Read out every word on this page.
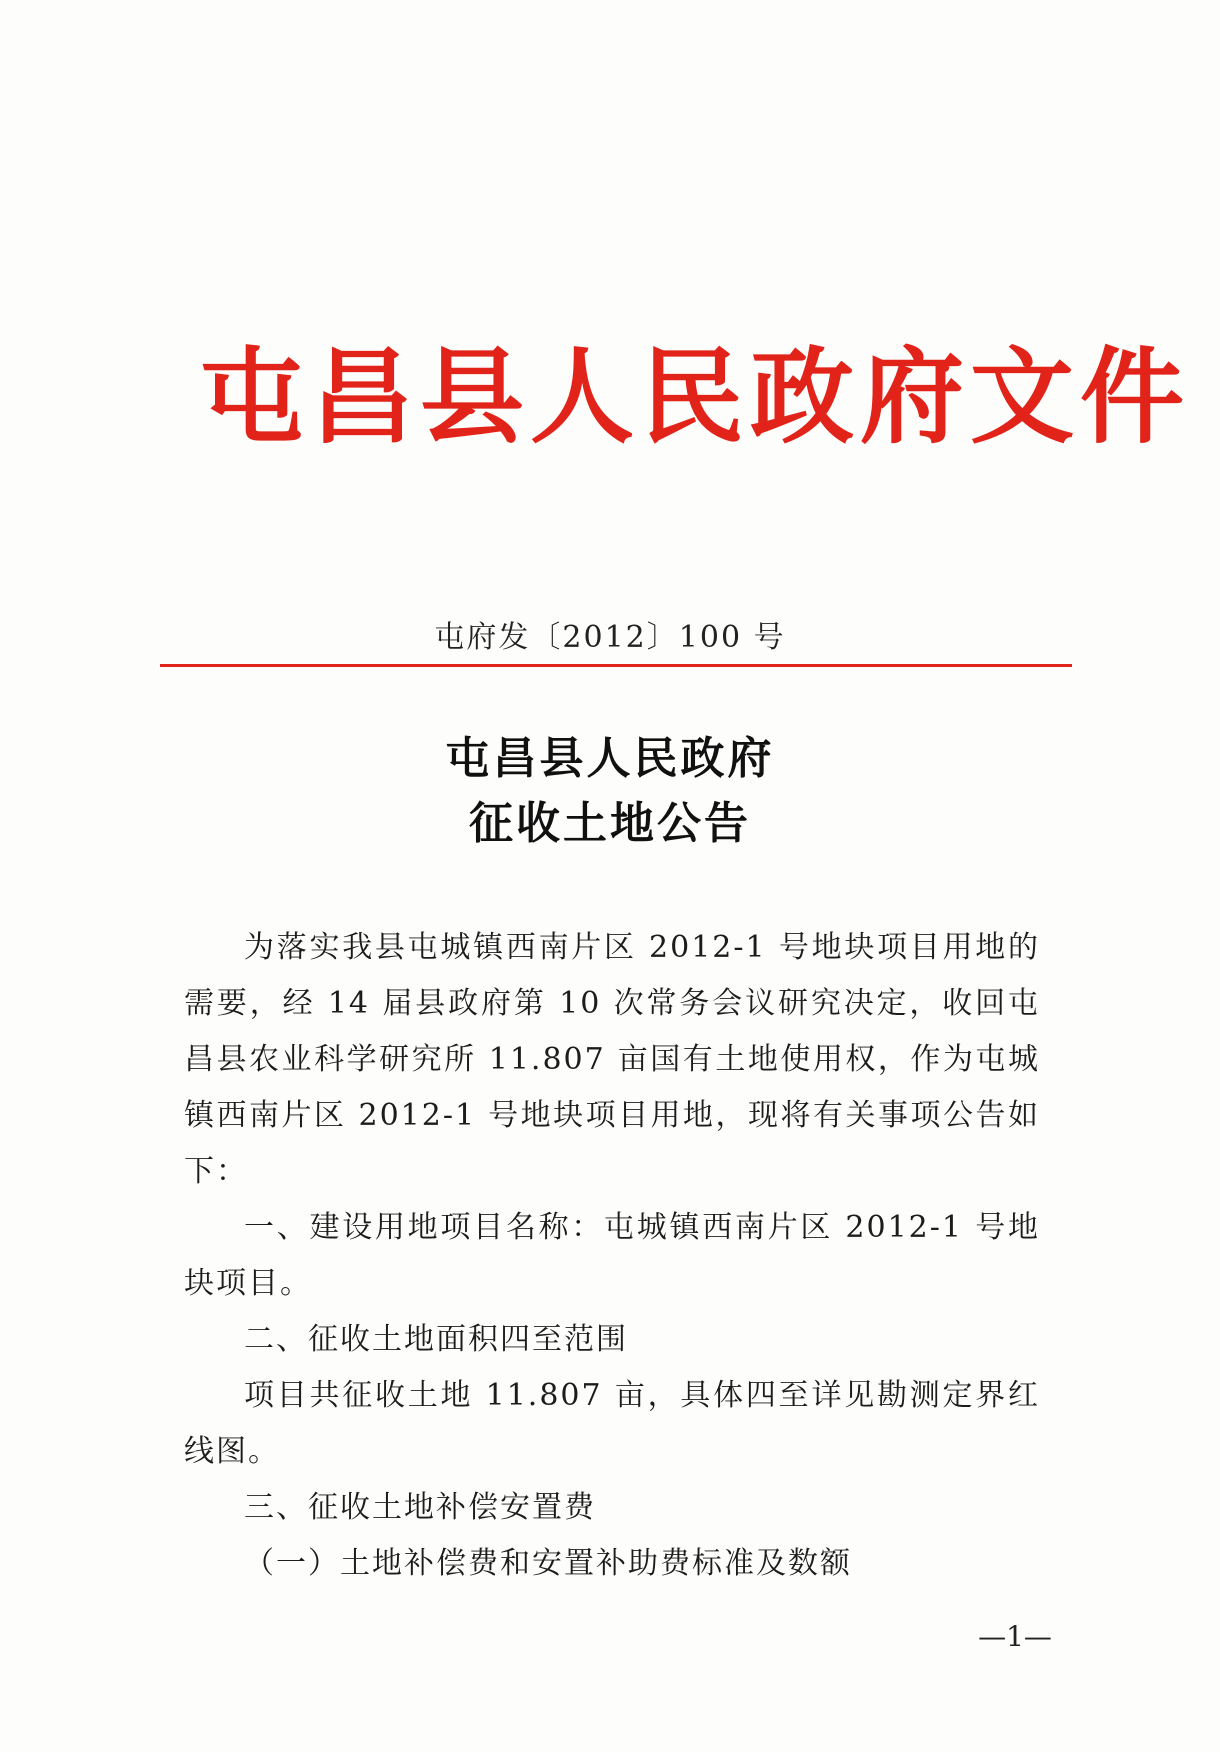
屯昌县人民政府文件
屯府发〔2012〕100 号
屯昌县人民政府
征收土地公告

为落实我县屯城镇西南片区 2012-1 号地块项目用地的需要，经 14 届县政府第 10 次常务会议研究决定，收回屯昌县农业科学研究所 11.807 亩国有土地使用权，作为屯城镇西南片区 2012-1 号地块项目用地，现将有关事项公告如下：

一、建设用地项目名称：屯城镇西南片区 2012-1 号地块项目。

二、征收土地面积四至范围

项目共征收土地 11.807 亩，具体四至详见勘测定界红线图。

三、征收土地补偿安置费

（一）土地补偿费和安置补助费标准及数额

—1—
